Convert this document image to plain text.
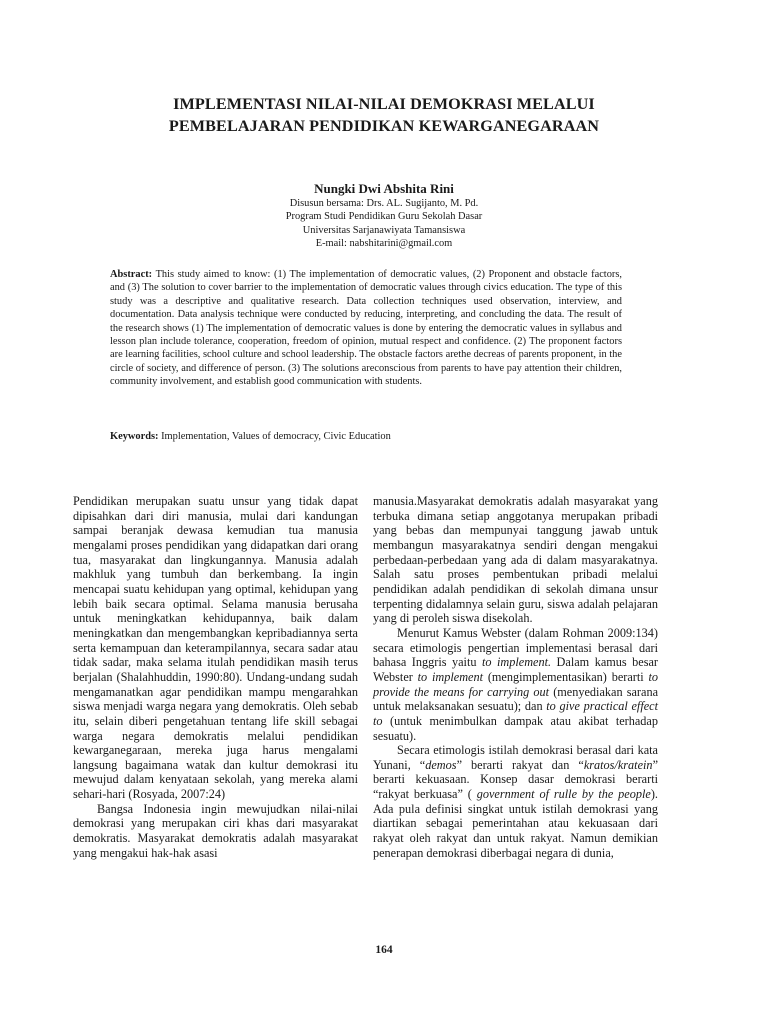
IMPLEMENTASI NILAI-NILAI DEMOKRASI MELALUI
PEMBELAJARAN PENDIDIKAN KEWARGANEGARAAN
Nungki Dwi Abshita Rini
Disusun bersama: Drs. AL. Sugijanto, M. Pd.
Program Studi Pendidikan Guru Sekolah Dasar
Universitas Sarjanawiyata Tamansiswa
E-mail: nabshitarini@gmail.com
Abstract: This study aimed to know: (1) The implementation of democratic values, (2) Proponent and obstacle factors, and (3) The solution to cover barrier to the implementation of democratic values through civics education. The type of this study was a descriptive and qualitative research. Data collection techniques used observation, interview, and documentation. Data analysis technique were conducted by reducing, interpreting, and concluding the data. The result of the research shows (1) The implementation of democratic values is done by entering the democratic values in syllabus and lesson plan include tolerance, cooperation, freedom of opinion, mutual respect and confidence. (2) The proponent factors are learning facilities, school culture and school leadership. The obstacle factors arethe decreas of parents proponent, in the circle of society, and difference of person. (3) The solutions areconscious from parents to have pay attention their children, community involvement, and establish good communication with students.
Keywords: Implementation, Values of democracy, Civic Education

Pendidikan merupakan suatu unsur yang tidak dapat dipisahkan dari diri manusia, mulai dari kandungan sampai beranjak dewasa kemudian tua manusia mengalami proses pendidikan yang didapatkan dari orang tua, masyarakat dan lingkungannya. Manusia adalah makhluk yang tumbuh dan berkembang. Ia ingin mencapai suatu kehidupan yang optimal, kehidupan yang lebih baik secara optimal. Selama manusia berusaha untuk meningkatkan kehidupannya, baik dalam meningkatkan dan mengembangkan kepribadiannya serta serta kemampuan dan keterampilannya, secara sadar atau tidak sadar, maka selama itulah pendidikan masih terus berjalan (Shalahhuddin, 1990:80). Undang-undang sudah mengamanatkan agar pendidikan mampu mengarahkan siswa menjadi warga negara yang demokratis. Oleh sebab itu, selain diberi pengetahuan tentang life skill sebagai warga negara demokratis melalui pendidikan kewarganegaraan, mereka juga harus mengalami langsung bagaimana watak dan kultur demokrasi itu mewujud dalam kenyataan sekolah, yang mereka alami sehari-hari (Rosyada, 2007:24)

Bangsa Indonesia ingin mewujudkan nilai-nilai demokrasi yang merupakan ciri khas dari masyarakat demokratis. Masyarakat demokratis adalah masyarakat yang mengakui hak-hak asasi

manusia.Masyarakat demokratis adalah masyarakat yang terbuka dimana setiap anggotanya merupakan pribadi yang bebas dan mempunyai tanggung jawab untuk membangun masyarakatnya sendiri dengan mengakui perbedaan-perbedaan yang ada di dalam masyarakatnya. Salah satu proses pembentukan pribadi melalui pendidikan adalah pendidikan di sekolah dimana unsur terpenting didalamnya selain guru, siswa adalah pelajaran yang di peroleh siswa disekolah.

Menurut Kamus Webster (dalam Rohman 2009:134) secara etimologis pengertian implementasi berasal dari bahasa Inggris yaitu to implement. Dalam kamus besar Webster to implement (mengimplementasikan) berarti to provide the means for carrying out (menyediakan sarana untuk melaksanakan sesuatu); dan to give practical effect to (untuk menimbulkan dampak atau akibat terhadap sesuatu).

Secara etimologis istilah demokrasi berasal dari kata Yunani, “demos” berarti rakyat dan “kratos/kratein” berarti kekuasaan. Konsep dasar demokrasi berarti “rakyat berkuasa” ( government of rulle by the people). Ada pula definisi singkat untuk istilah demokrasi yang diartikan sebagai pemerintahan atau kekuasaan dari rakyat oleh rakyat dan untuk rakyat. Namun demikian penerapan demokrasi diberbagai negara di dunia,

164
